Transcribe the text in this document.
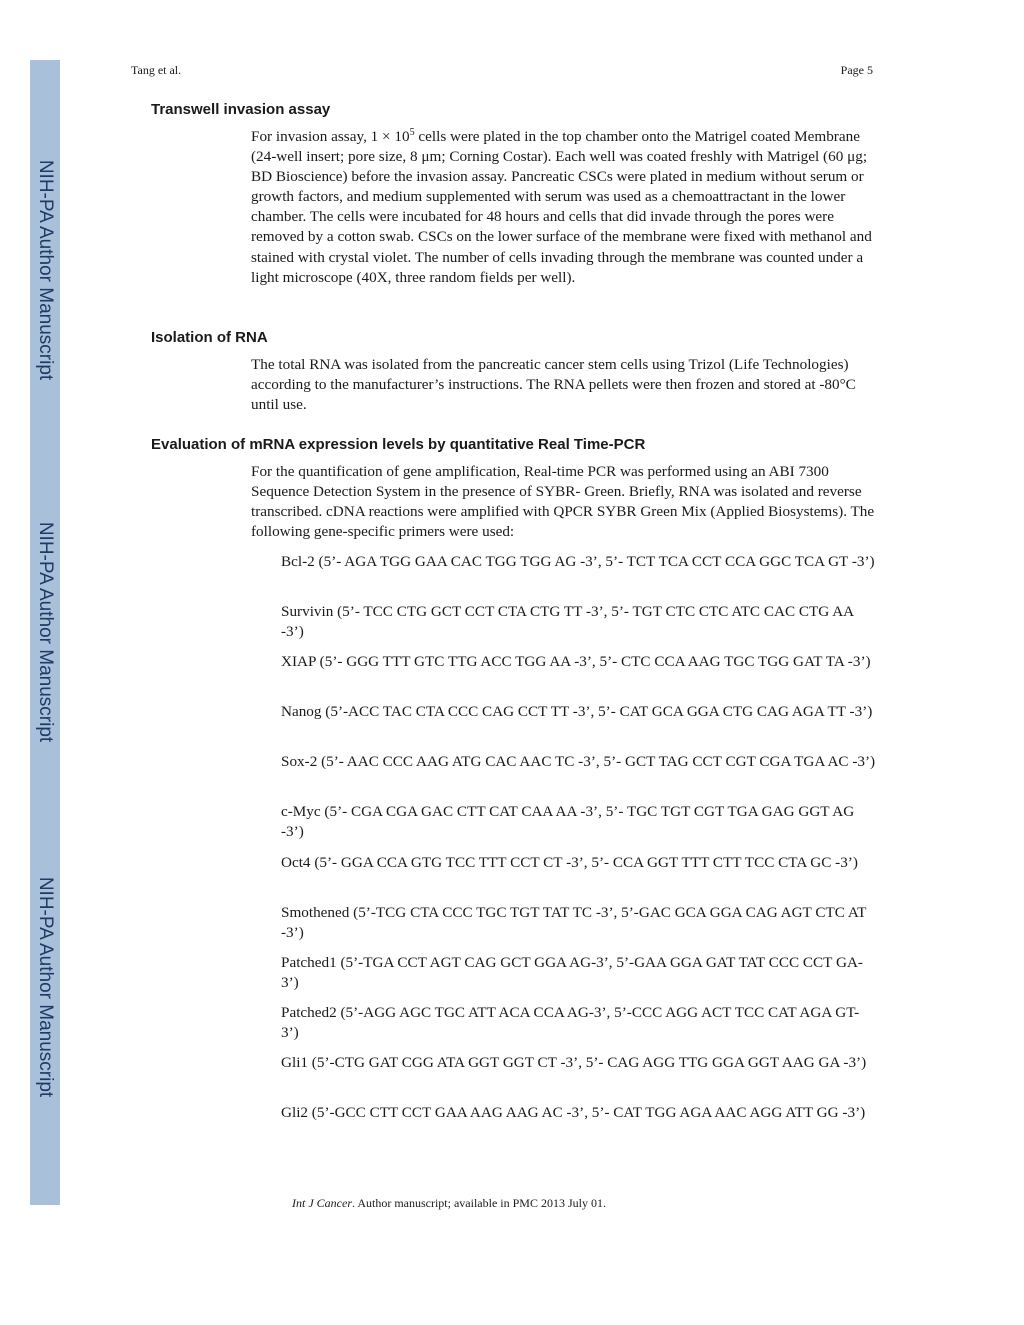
NIH-PA Author Manuscript
NIH-PA Author Manuscript
NIH-PA Author Manuscript
Tang et al.	Page 5
Transwell invasion assay

For invasion assay, $1 \times 10^5$ cells were plated in the top chamber onto the Matrigel coated Membrane (24-well insert; pore size, 8 μm; Corning Costar). Each well was coated freshly with Matrigel (60 μg; BD Bioscience) before the invasion assay. Pancreatic CSCs were plated in medium without serum or growth factors, and medium supplemented with serum was used as a chemoattractant in the lower chamber. The cells were incubated for 48 hours and cells that did invade through the pores were removed by a cotton swab. CSCs on the lower surface of the membrane were fixed with methanol and stained with crystal violet. The number of cells invading through the membrane was counted under a light microscope (40X, three random fields per well).

Isolation of RNA

The total RNA was isolated from the pancreatic cancer stem cells using Trizol (Life Technologies) according to the manufacturer’s instructions. The RNA pellets were then frozen and stored at -80°C until use.

Evaluation of mRNA expression levels by quantitative Real Time-PCR

For the quantification of gene amplification, Real-time PCR was performed using an ABI 7300 Sequence Detection System in the presence of SYBR- Green. Briefly, RNA was isolated and reverse transcribed. cDNA reactions were amplified with QPCR SYBR Green Mix (Applied Biosystems). The following gene-specific primers were used:

Bcl-2 (5’- AGA TGG GAA CAC TGG TGG AG -3’, 5’- TCT TCA CCT CCA GGC TCA GT -3’)

Survivin (5’- TCC CTG GCT CCT CTA CTG TT -3’, 5’- TGT CTC CTC ATC CAC CTG AA -3’)

XIAP (5’- GGG TTT GTC TTG ACC TGG AA -3’, 5’- CTC CCA AAG TGC TGG GAT TA -3’)

Nanog (5’-ACC TAC CTA CCC CAG CCT TT -3’, 5’- CAT GCA GGA CTG CAG AGA TT -3’)

Sox-2 (5’- AAC CCC AAG ATG CAC AAC TC -3’, 5’- GCT TAG CCT CGT CGA TGA AC -3’)

c-Myc (5’- CGA CGA GAC CTT CAT CAA AA -3’, 5’- TGC TGT CGT TGA GAG GGT AG -3’)

Oct4 (5’- GGA CCA GTG TCC TTT CCT CT -3’, 5’- CCA GGT TTT CTT TCC CTA GC -3’)

Smothened (5’-TCG CTA CCC TGC TGT TAT TC -3’, 5’-GAC GCA GGA CAG AGT CTC AT -3’)

Patched1 (5’-TGA CCT AGT CAG GCT GGA AG-3’, 5’-GAA GGA GAT TAT CCC CCT GA-3’)

Patched2 (5’-AGG AGC TGC ATT ACA CCA AG-3’, 5’-CCC AGG ACT TCC CAT AGA GT-3’)

Gli1 (5’-CTG GAT CGG ATA GGT GGT CT -3’, 5’- CAG AGG TTG GGA GGT AAG GA -3’)

Gli2 (5’-GCC CTT CCT GAA AAG AAG AC -3’, 5’- CAT TGG AGA AAC AGG ATT GG -3’)

Int J Cancer. Author manuscript; available in PMC 2013 July 01.
